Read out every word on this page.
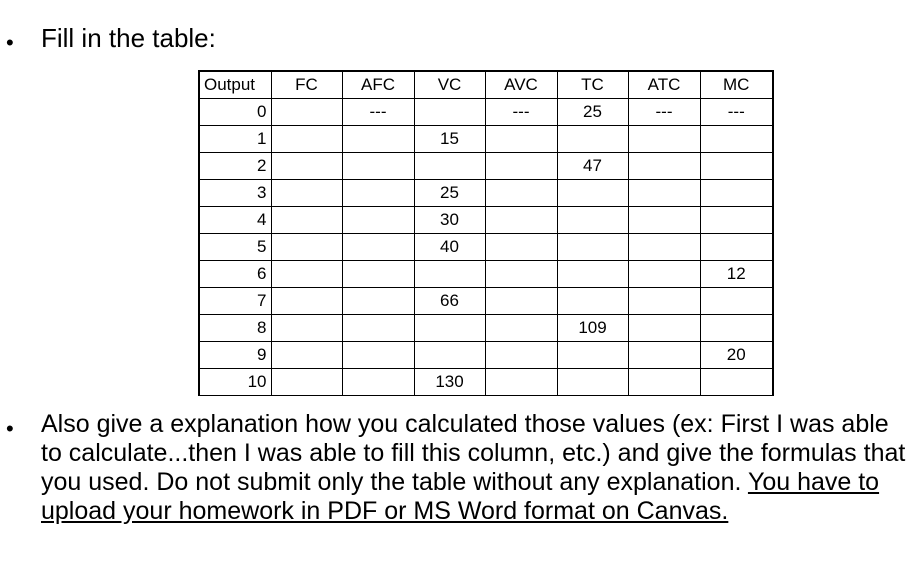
• Fill in the table:
Output	FC	AFC	VC	AVC	TC	ATC	MC
0		---		---	25	---	---
1			15				
2					47		
3			25				
4			30				
5			40				
6							12
7			66				
8					109		
9							20
10			130				
• Also give a explanation how you calculated those values (ex: First I was able to calculate...then I was able to fill this column, etc.) and give the formulas that you used. Do not submit only the table without any explanation. You have to upload your homework in PDF or MS Word format on Canvas.
